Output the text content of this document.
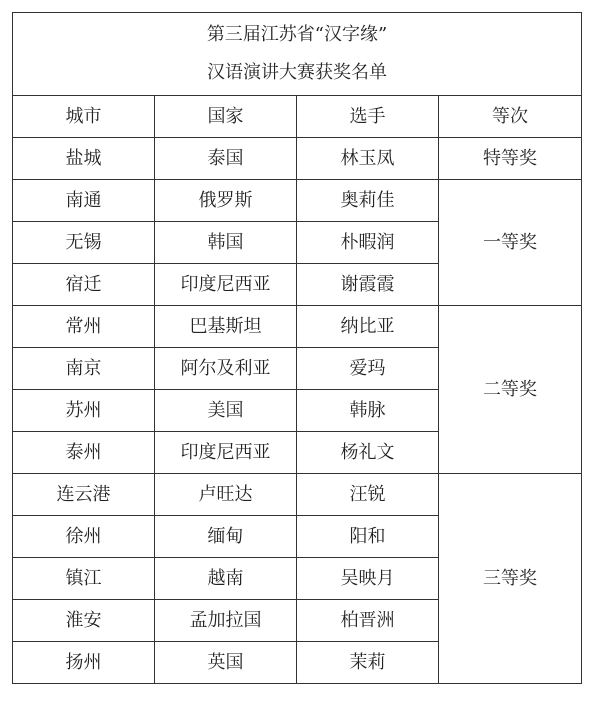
第三届江苏省“汉字缘”
汉语演讲大赛获奖名单			

城市	国家	选手	等次
盐城	泰国	林玉凤	特等奖
南通	俄罗斯	奥莉佳	一等奖
无锡	韩国	朴暇润	
宿迁	印度尼西亚	谢霞霞	
常州	巴基斯坦	纳比亚	二等奖
南京	阿尔及利亚	爱玛	
苏州	美国	韩脉	
泰州	印度尼西亚	杨礼文	
连云港	卢旺达	汪锐	三等奖
徐州	缅甸	阳和	
镇江	越南	吴映月	
淮安	孟加拉国	柏晋洲	
扬州	英国	茉莉	
